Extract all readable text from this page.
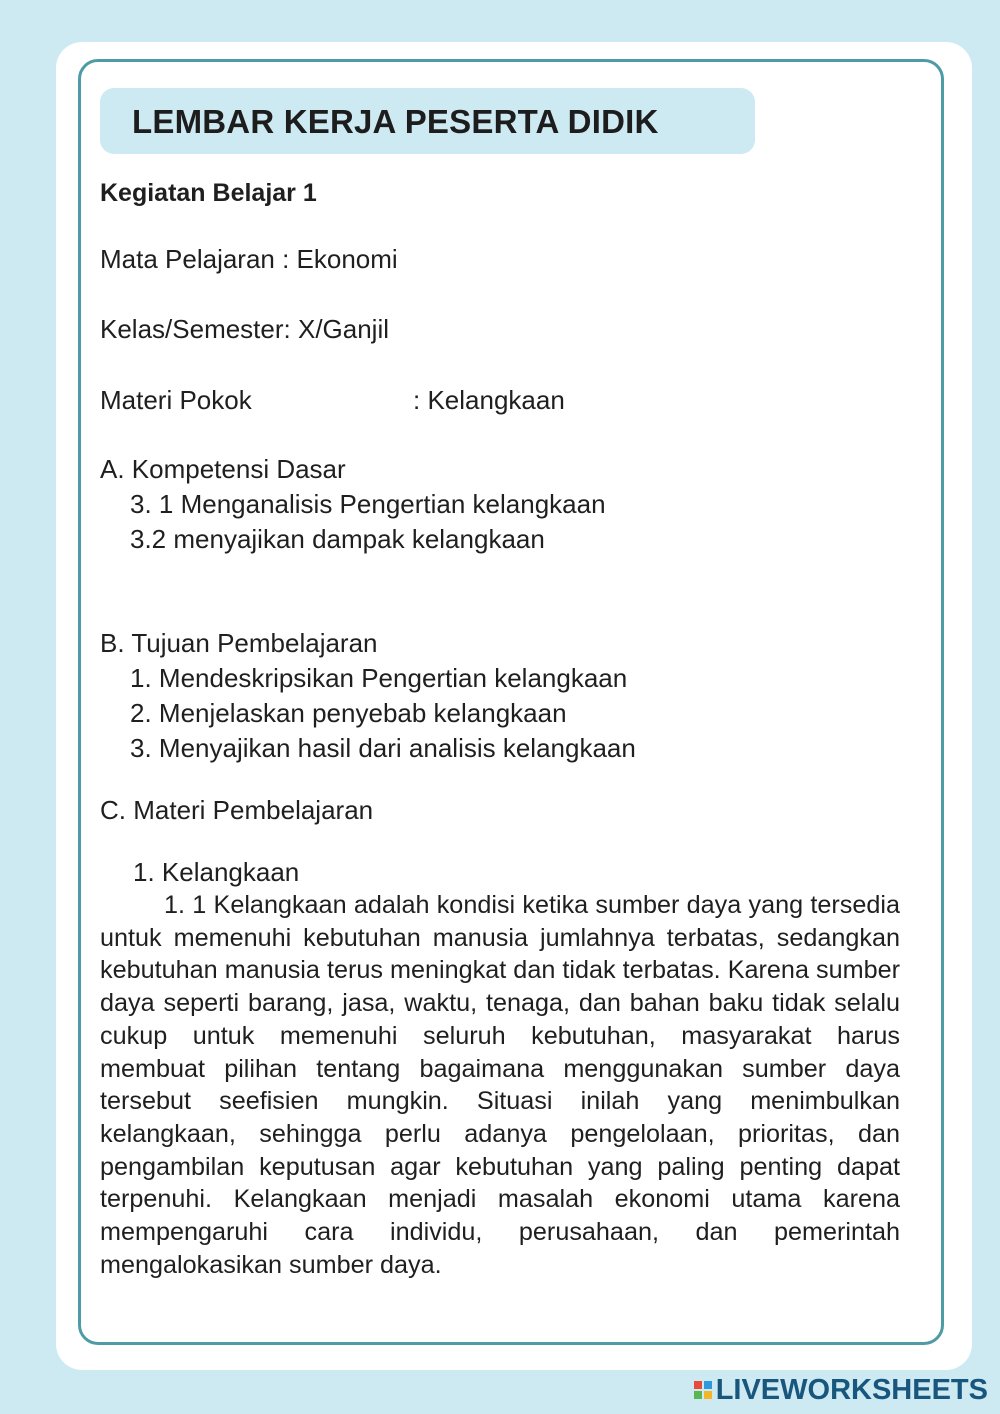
LEMBAR KERJA PESERTA DIDIK
Kegiatan Belajar 1
Mata Pelajaran : Ekonomi
Kelas/Semester: X/Ganjil
Materi Pokok	: Kelangkaan
A. Kompetensi Dasar
3. 1 Menganalisis Pengertian kelangkaan
3.2 menyajikan dampak kelangkaan
B. Tujuan Pembelajaran
1. Mendeskripsikan Pengertian kelangkaan
2. Menjelaskan penyebab kelangkaan
3. Menyajikan hasil dari analisis kelangkaan
C. Materi Pembelajaran
1. Kelangkaan
1. 1 Kelangkaan adalah kondisi ketika sumber daya yang tersedia untuk memenuhi kebutuhan manusia jumlahnya terbatas, sedangkan kebutuhan manusia terus meningkat dan tidak terbatas. Karena sumber daya seperti barang, jasa, waktu, tenaga, dan bahan baku tidak selalu cukup untuk memenuhi seluruh kebutuhan, masyarakat harus membuat pilihan tentang bagaimana menggunakan sumber daya tersebut seefisien mungkin. Situasi inilah yang menimbulkan kelangkaan, sehingga perlu adanya pengelolaan, prioritas, dan pengambilan keputusan agar kebutuhan yang paling penting dapat terpenuhi. Kelangkaan menjadi masalah ekonomi utama karena mempengaruhi cara individu, perusahaan, dan pemerintah mengalokasikan sumber daya.
LIVEWORKSHEETS
